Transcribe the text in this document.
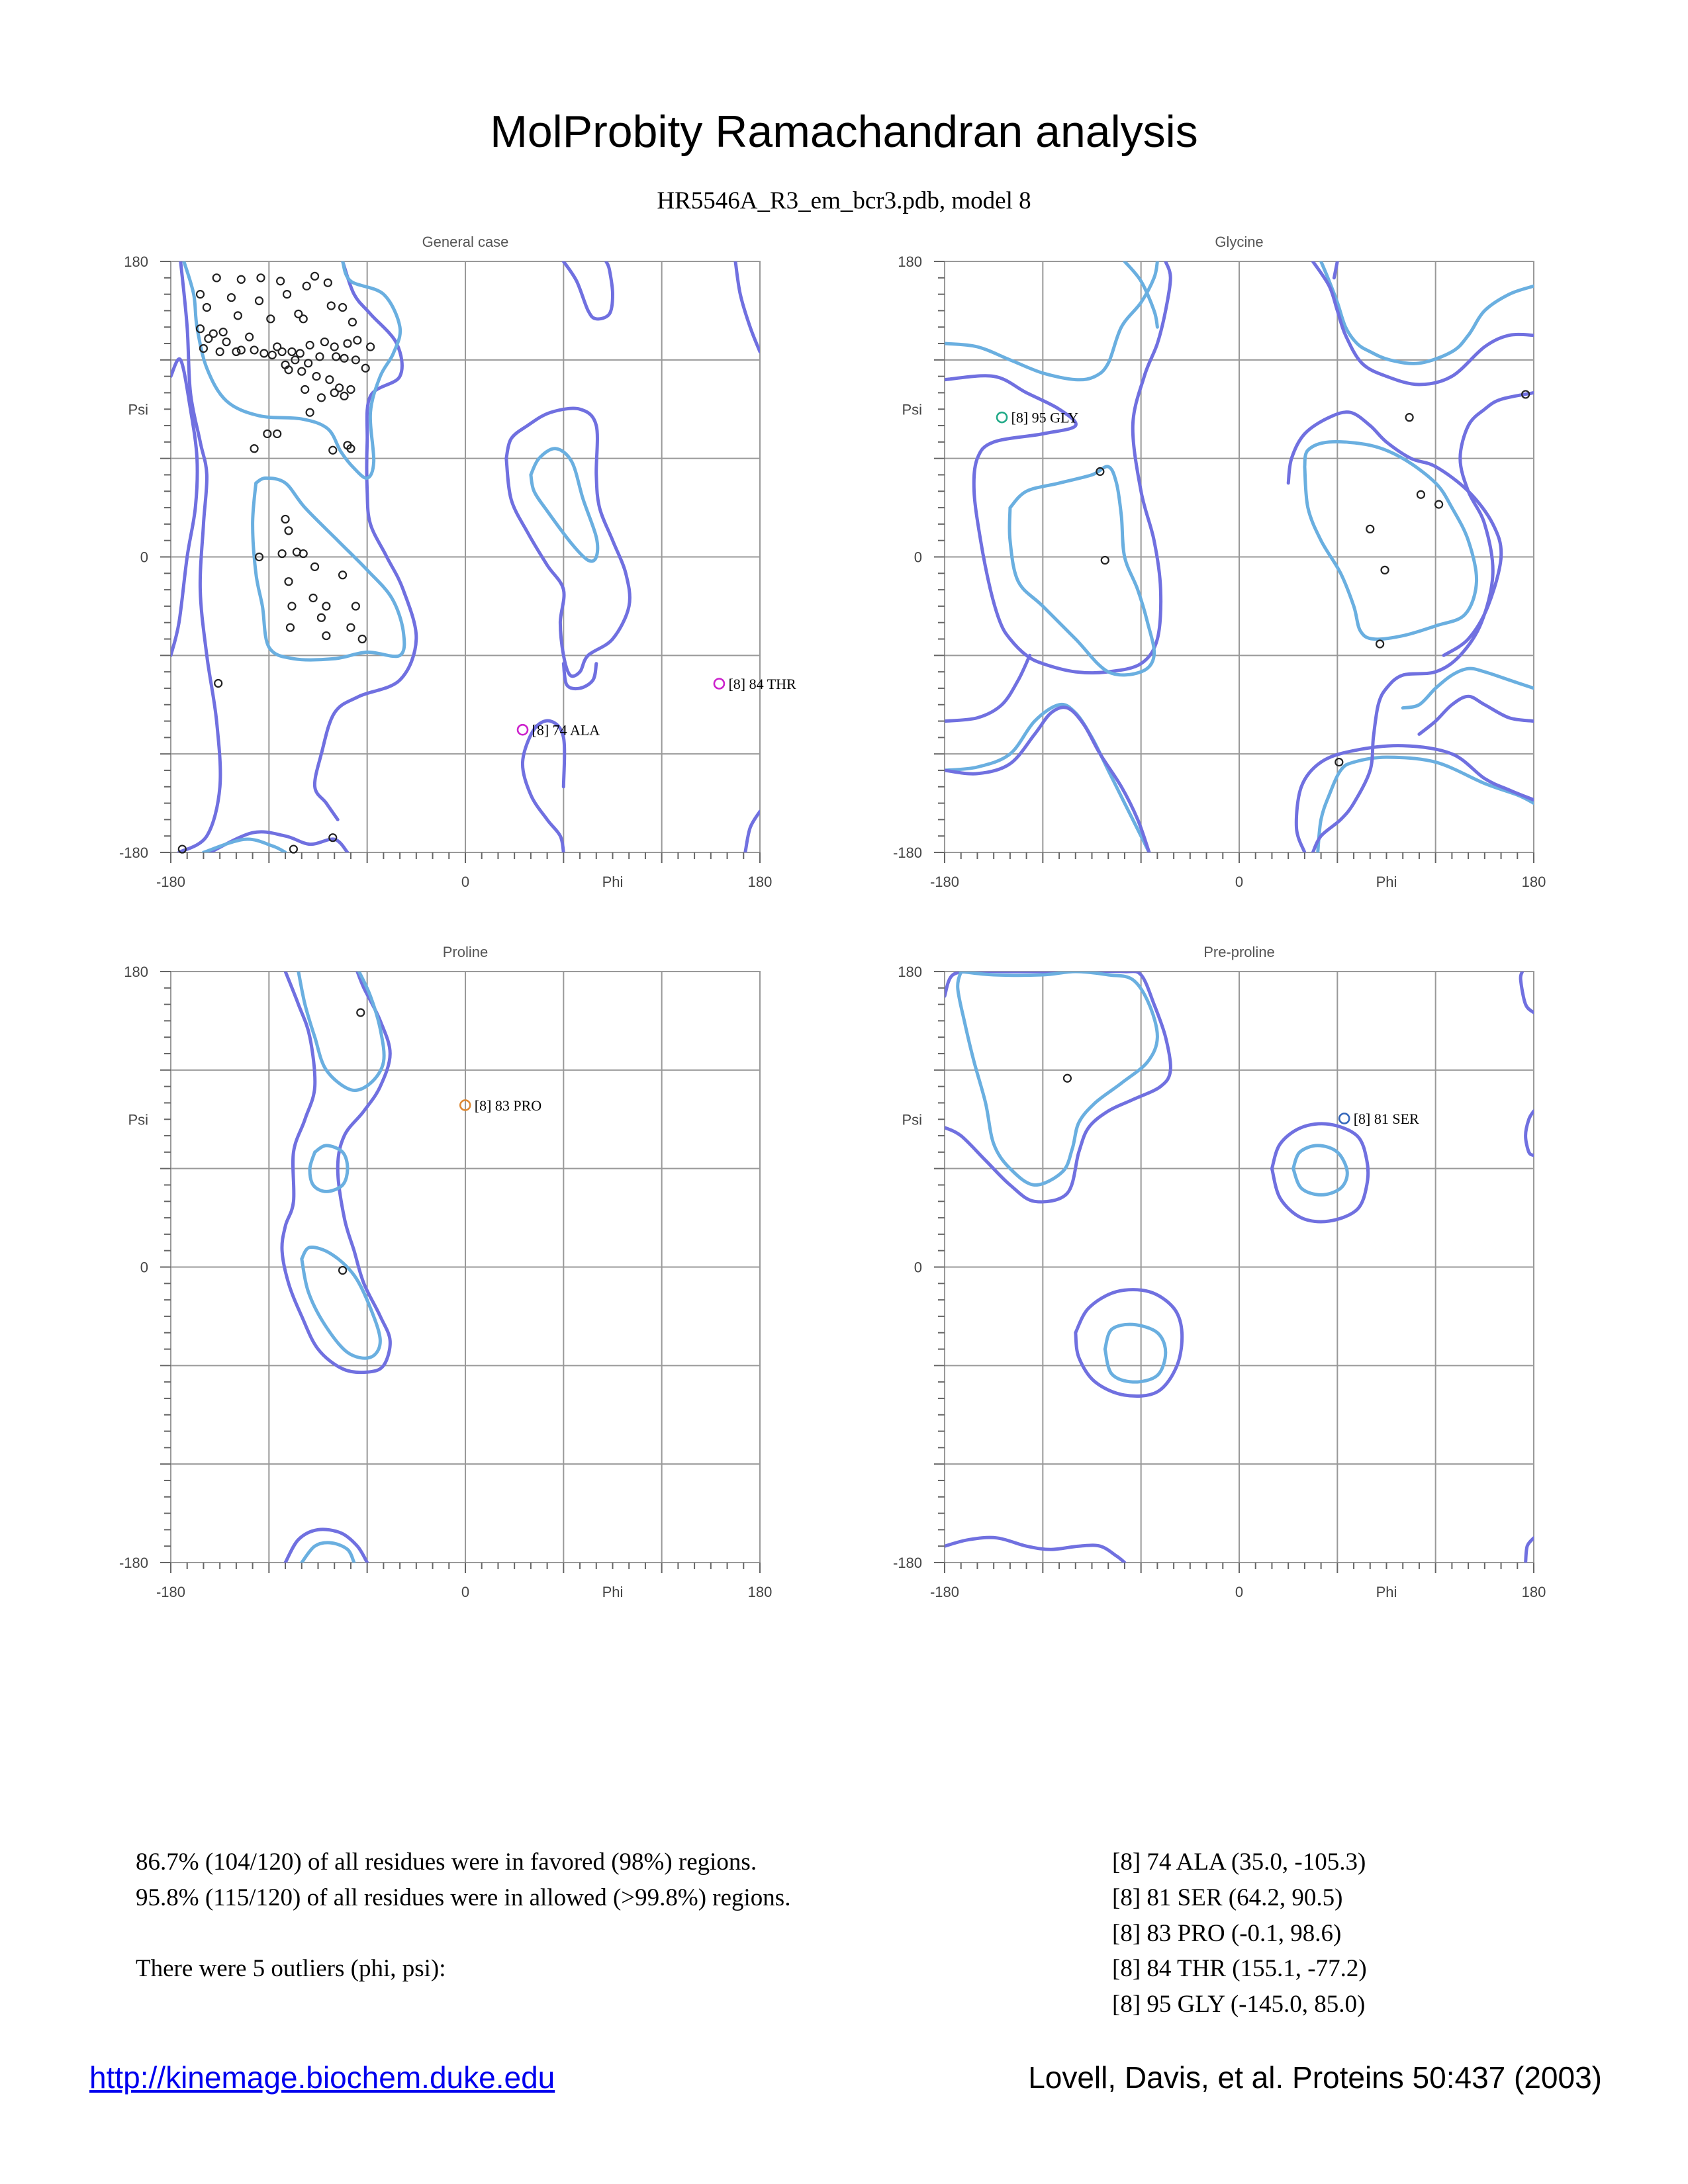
MolProbity Ramachandran analysis
HR5546A_R3_em_bcr3.pdb, model 8
General case
-180	0	Phi	180
180
Psi
0
-180
[8] 84 THR
[8] 74 ALA
Glycine
-180	0	Phi	180
180
Psi
0
-180
[8] 95 GLY
Proline
-180	0	Phi	180
180
Psi
0
-180
[8] 83 PRO
Pre-proline
-180	0	Phi	180
180
Psi
0
-180
[8] 81 SER
86.7% (104/120) of all residues were in favored (98%) regions.
95.8% (115/120) of all residues were in allowed (>99.8%) regions.
There were 5 outliers (phi, psi):
[8] 74 ALA (35.0, -105.3)
[8] 81 SER (64.2, 90.5)
[8] 83 PRO (-0.1, 98.6)
[8] 84 THR (155.1, -77.2)
[8] 95 GLY (-145.0, 85.0)
http://kinemage.biochem.duke.edu	Lovell, Davis, et al. Proteins 50:437 (2003)
